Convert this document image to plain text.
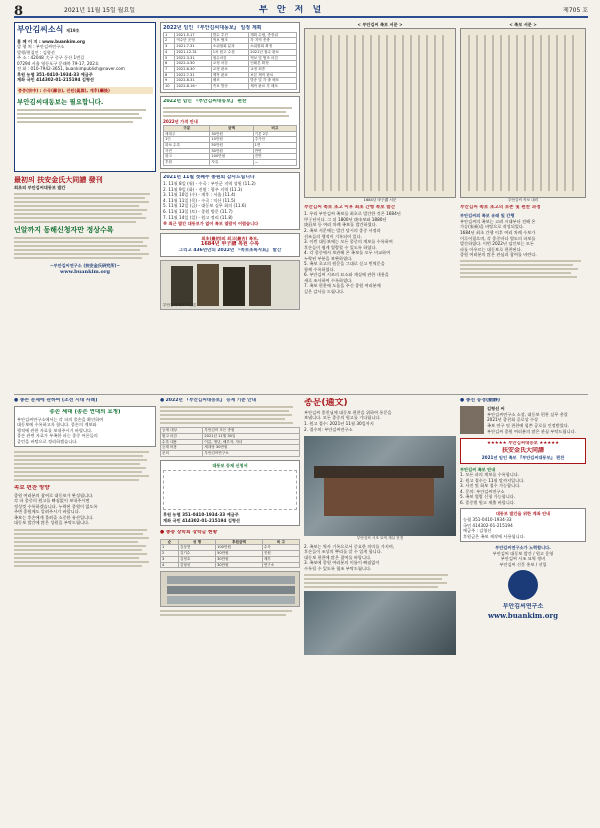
8	2021년 11월 15일 월요일	부 안 저 널	제705 호
부안김씨소식 제19호
홈 페 이 지 : www.buankim.org
발 행 처 : 부안김씨연구소
발행/편집인 : 김형선
주 소 : 42048 大구 중구 동산 1번길
07294 서울 영등포구 문래북 79-17, 202호
전 화 : 010-7942-3651, buankimpublish@naver.com
후원 농협 351-0410-1934-33 예금주
계좌 국민 414302-01-215194 김형선
종중(宗中) : 수곡(壽谷), 진원(眞源), 계후(繼後)
부안김씨대동보는 필요합니다.
最初의 扶安金氏大同譜 發刊
최초의 부안김씨대동보 발간
넌알까지 동해신청자만 정상수록
~부안김씨연구소 (扶安金氏研究所)~
www.buankim.org
2022년 임인 『부안김씨대동보』 일정 계획
1	2021.5.17	발수 추진	계획 수립, 종중위
2	역수단 운영	역보 협조	각 지역 종중
3	2021.7.31	소위원회 분과	소위원회 확정
4	2021.12.31	1차 원고 수집	2021년 접수 완료
5	2022.3.31	접수마감	역보 및 협조 마감
6	2022.4.30	교정 마감	인쇄본 확정
7	2022.6.30	교정 완료	교정 최종
8	2022.7.31	제작 완료	보본 제작 완료
9	2022.8.31	배포	발송 및 각 출 배포
10	2022.8.16~	족보 발송	제작 완료 후 배포
2022년 임인 『부안김씨대동보』 편찬
2022년 가격 안내
구분	금액	비고
세대주	30만원	기본 2부
1인	10만원	추가인
화보 수록	50만원	1면
사진	30만원	반면
광고	100만원	전면
후원	자유	—
2021년 11월 첫째주 종원회 감사드립니다
1. 11월 8일 (월) - 수곡 : 부안군 지역 성원 (11.2)
2. 11월 9일 (화) - 진원 : 광주 지역 (11.3)
3. 11월 10일 (수) - 계후 : 서울 (11.4)
4. 11월 11일 (목) - 수곡 : 익산 (11.5)
5. 11월 12일 (금) - 대동보 실무 회의 (11.6)
6. 11월 13일 (토) - 종원 방문 (11.7)
7. 11월 14일 (일) - 원고 정리 (11.8)
※ 최근 발간 대동보가 없어 족보 열람이 어렵습니다
최초(最初)의 최고(最古) 족보,
1684년 甲子譜 복원 수록
그리고 436년만의 2022년 『족보초록자료』 발간
부안김씨 족보 초간본
< 부안김씨 족보 서문 >
1684년 甲子譜 서문
부안김씨 족보 초고 이후 최초 간행 족보 발간
1. 우리 부안김씨 족보를 최초로 발간한 것은 1684년
甲子년이다. 그 뒤 1800년 庚申보와 1880년
庚辰보 등 여러 차례 족보를 발간하였다.
2. 족보 서문에는 발간 당시의 종중 사정과
선조들의 행적이 기록되어 있다.
3. 이번 대동보에는 모든 종중의 계보를 수록하여
후손들이 쉽게 열람할 수 있도록 하였다.
4. 각 종중에서 보관해 온 족보를 모두 비교하여
누락된 부분을 보완하였다.
5. 족보 초고의 원문을 그대로 싣고 번역문을
함께 수록하였다.
6. 부안김씨 시조의 묘소와 재실에 관한 내용을
새로 조사하여 수록하였다.
7. 족보 편찬에 도움을 주신 종원 여러분께
깊은 감사를 드립니다.
< 족보 서문 >
부안김씨 족보 내력
부안김씨 족보 초고의 보존 및 편찬 과정
부안김씨의 족보 유래 및 간행
부안김씨의 족보는 고려 시대부터 전해 온
가승(家乘)을 바탕으로 작성되었다.
1684년 최초 간행 이후 여러 차례 수보가
이루어졌으며, 각 종중마다 별도의 파보를
발간하였다. 이번 2022년 임인보는 모든
파를 아우르는 대동보로 편찬된다.
종원 여러분의 많은 관심과 참여를 바란다.
● 종손 문제에 관하여 (조선 시대 사례)
종손 세대 (종손 연대의 요청)
부안김씨연구소에서는 각 파의 종손을 확인하여
대동보에 수록하고자 합니다. 종손의 계보와
행적에 관한 자료를 보내주시기 바랍니다.
종손 관련 자료가 부족한 파는 종중 어른들의
증언을 바탕으로 정리하겠습니다.
족보 편찬 방향
종원 여러분의 참여로 대동보가 완성됩니다.
각 파 종중의 원고를 빠짐없이 보내주시면
정성껏 수록하겠습니다. 누락된 종원이 없도록
주변 종원께도 알려주시기 바랍니다.
족보는 후손에게 물려줄 소중한 유산입니다.
대동보 발간에 많은 성원을 부탁드립니다.
● 2022년 『부안김씨대동보』 등재 기준 안내
등재 대상	부안김씨 모든 종원
원고 마감	2021년 11월 30일
수록 내용	이름, 생년, 배우자, 자녀
등재 비용	세대당 30만원
문의	부안김씨연구소
대동보 등재 신청서
후원 농협 351-0410-1934-33 예금주
계좌 국민 414302-01-215194 김형선
● 종중 장학회 장학금 현황
순	성 명	후원금액	비 고
1	김상현	100만원	수곡
2	김기수	50만원	진원
3	김정호	30만원	계후
4	김형선	30만원	연구소
종문(通文)
부안김씨 종친님께 대동보 편찬을 위하여 통문을
보냅니다. 모든 종중의 원고를 기다립니다.
1. 원고 접수: 2021년 11월 30일까지
2. 접수처: 부안김씨연구소
부안김씨 시조 묘역 재실 전경
2. 족보는 역사 기록으로서 중요한 의미를 가지며,
후손들이 조상의 뿌리를 알 수 있게 합니다.
대동보 편찬에 많은 참여를 바랍니다.
3. 족보에 종원 여러분의 이름이 빠짐없이
수록될 수 있도록 협조 부탁드립니다.
● 종친 동정(動靜)
김형선 씨
부안김씨연구소 소장, 대동보 편찬 실무 총괄
2021년 종친회 공로상 수상
족보 연구 및 편찬에 힘쓴 공로를 인정받았다.
부안김씨 종원 여러분의 많은 관심 부탁드립니다.
★★★★★ 부안김씨대동보 ★★★★★
扶安金氏大同譜
2021년 임인 족보 『부안김씨대동보』 편찬
부안김씨 족보 안내
1. 모든 파의 계보를 수록합니다.
2. 원고 접수는 11월 말까지입니다.
3. 사진 및 화보 접수 가능합니다.
4. 문의: 부안김씨연구소
5. 족보 열람 신청 가능합니다.
6. 종중별 원고 제출 바랍니다.
대동보 발간을 위한 계좌 안내
농협 351-0410-1934-33
국민 414302-01-215194
예금주 : 김형선
후원금은 족보 제작에 사용됩니다.
부안김씨연구소가 노력합니다.
부안김씨 대동보 발간 / 원고 운영
부안김씨 시조 묘역 정비
부안김씨 신문 홍보 / 선입
부안김씨연구소
www.buankim.org
